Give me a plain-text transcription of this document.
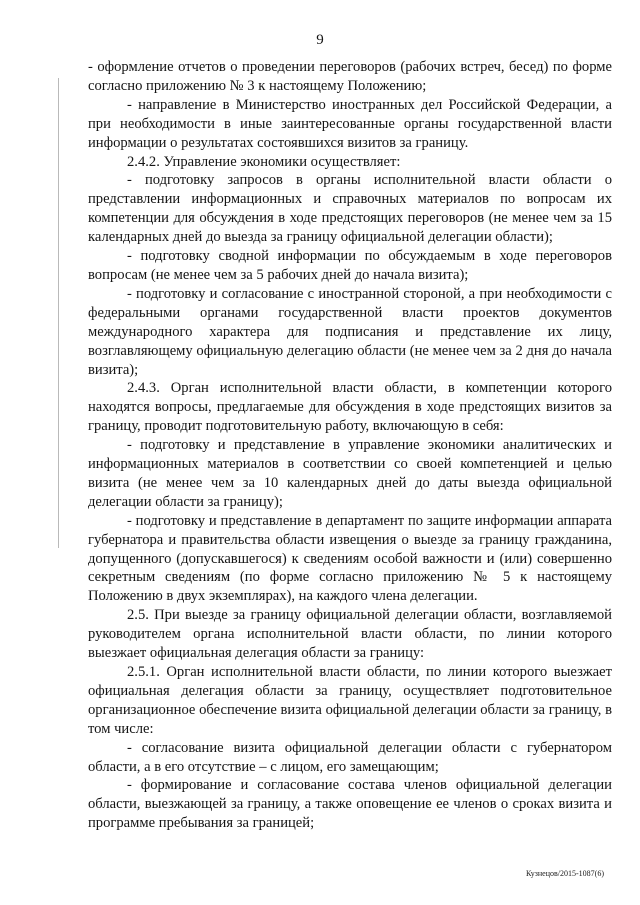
9

- оформление отчетов о проведении переговоров (рабочих встреч, бесед) по форме согласно приложению № 3 к настоящему Положению;

- направление в Министерство иностранных дел Российской Федерации, а при необходимости в иные заинтересованные органы государственной власти информации о результатах состоявшихся визитов за границу.

2.4.2. Управление экономики осуществляет:

- подготовку запросов в органы исполнительной власти области о представлении информационных и справочных материалов по вопросам их компетенции для обсуждения в ходе предстоящих переговоров (не менее чем за 15 календарных дней до выезда за границу официальной делегации области);

- подготовку сводной информации по обсуждаемым в ходе переговоров вопросам (не менее чем за 5 рабочих дней до начала визита);

- подготовку и согласование с иностранной стороной, а при необходимости с федеральными органами государственной власти проектов документов международного характера для подписания и представление их лицу, возглавляющему официальную делегацию области (не менее чем за 2 дня до начала визита);

2.4.3. Орган исполнительной власти области, в компетенции которого находятся вопросы, предлагаемые для обсуждения в ходе предстоящих визитов за границу, проводит подготовительную работу, включающую в себя:

- подготовку и представление в управление экономики аналитических и информационных материалов в соответствии со своей компетенцией и целью визита (не менее чем за 10 календарных дней до даты выезда официальной делегации области за границу);

- подготовку и представление в департамент по защите информации аппарата губернатора и правительства области извещения о выезде за границу гражданина, допущенного (допускавшегося) к сведениям особой важности и (или) совершенно секретным сведениям (по форме согласно приложению № 5 к настоящему Положению в двух экземплярах), на каждого члена делегации.

2.5. При выезде за границу официальной делегации области, возглавляемой руководителем органа исполнительной власти области, по линии которого выезжает официальная делегация области за границу:

2.5.1. Орган исполнительной власти области, по линии которого выезжает официальная делегация области за границу, осуществляет подготовительное организационное обеспечение визита официальной делегации области за границу, в том числе:

- согласование визита официальной делегации области с губернатором области, а в его отсутствие – с лицом, его замещающим;

- формирование и согласование состава членов официальной делегации области, выезжающей за границу, а также оповещение ее членов о сроках визита и программе пребывания за границей;

Кузнецов/2015-1087(6)
